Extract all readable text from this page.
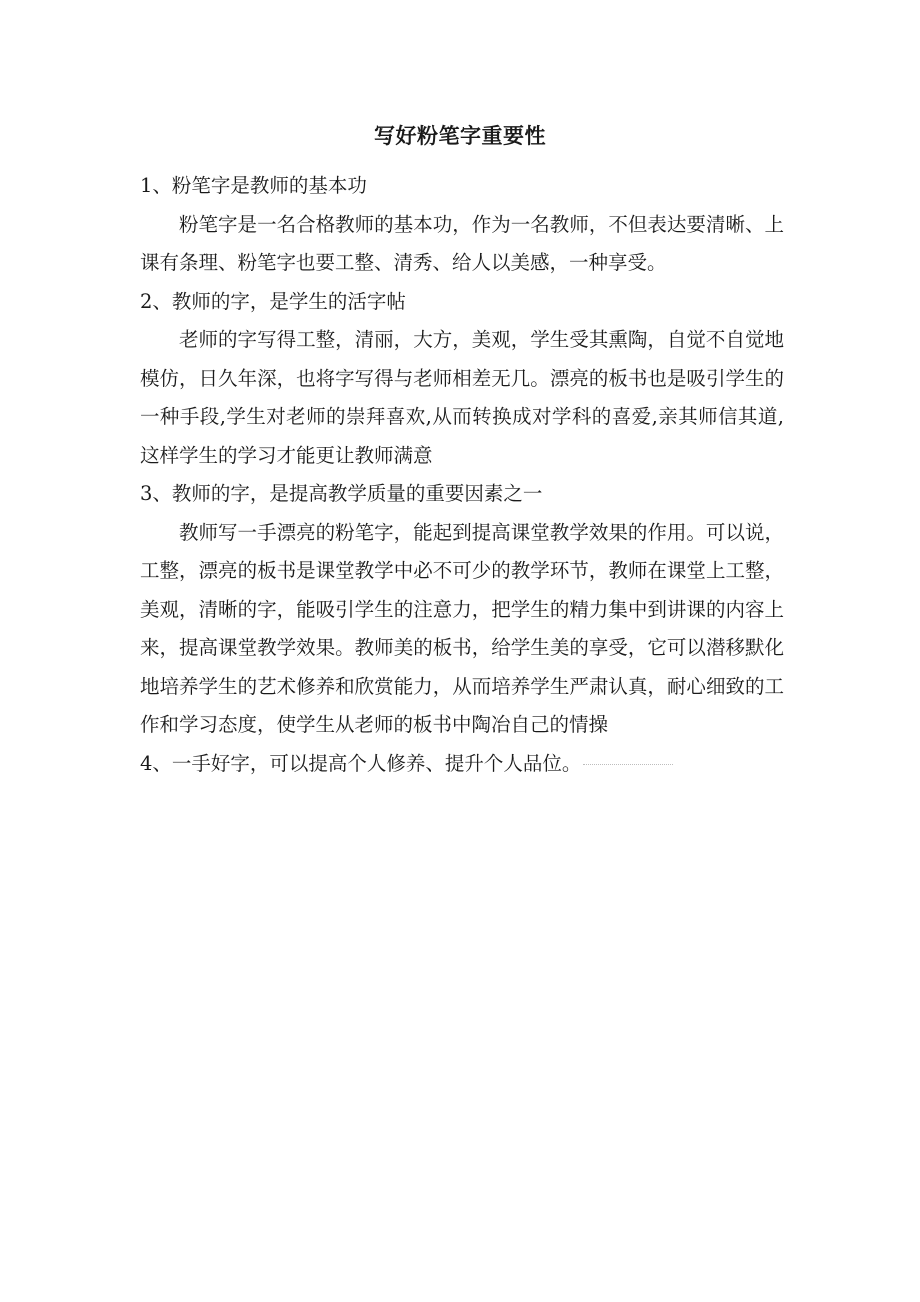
写好粉笔字重要性

1、粉笔字是教师的基本功

粉笔字是一名合格教师的基本功，作为一名教师，不但表达要清晰、上课有条理、粉笔字也要工整、清秀、给人以美感，一种享受。

2、教师的字，是学生的活字帖

老师的字写得工整，清丽，大方，美观，学生受其熏陶，自觉不自觉地模仿，日久年深，也将字写得与老师相差无几。漂亮的板书也是吸引学生的一种手段,学生对老师的崇拜喜欢,从而转换成对学科的喜爱,亲其师信其道,这样学生的学习才能更让教师满意

3、教师的字，是提高教学质量的重要因素之一

教师写一手漂亮的粉笔字，能起到提高课堂教学效果的作用。可以说，工整，漂亮的板书是课堂教学中必不可少的教学环节，教师在课堂上工整，美观，清晰的字，能吸引学生的注意力，把学生的精力集中到讲课的内容上来，提高课堂教学效果。教师美的板书，给学生美的享受，它可以潜移默化地培养学生的艺术修养和欣赏能力，从而培养学生严肃认真，耐心细致的工作和学习态度，使学生从老师的板书中陶冶自己的情操

4、一手好字，可以提高个人修养、提升个人品位。
